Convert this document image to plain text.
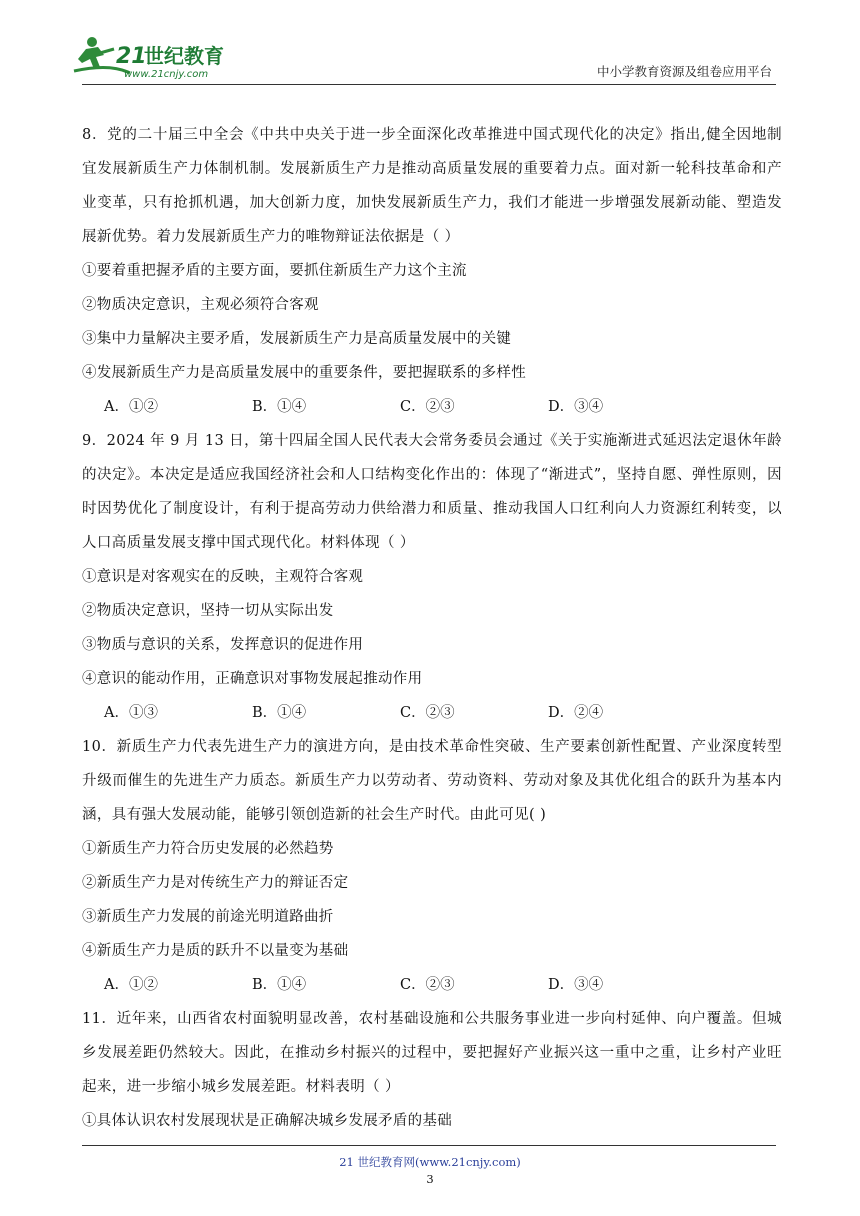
21
世纪教育
www.21cnjy.com	中小学教育资源及组卷应用平台

8．党的二十届三中全会《中共中央关于进一步全面深化改革推进中国式现代化的决定》指出,健全因地制宜发展新质生产力体制机制。发展新质生产力是推动高质量发展的重要着力点。面对新一轮科技革命和产业变革，只有抢抓机遇，加大创新力度，加快发展新质生产力，我们才能进一步增强发展新动能、塑造发展新优势。着力发展新质生产力的唯物辩证法依据是（ ）

①要着重把握矛盾的主要方面，要抓住新质生产力这个主流

②物质决定意识，主观必须符合客观

③集中力量解决主要矛盾，发展新质生产力是高质量发展中的关键

④发展新质生产力是高质量发展中的重要条件，要把握联系的多样性

A．①②	B．①④	C．②③	D．③④

9．2024 年 9 月 13 日，第十四届全国人民代表大会常务委员会通过《关于实施渐进式延迟法定退休年龄的决定》。本决定是适应我国经济社会和人口结构变化作出的：体现了“渐进式”，坚持自愿、弹性原则，因时因势优化了制度设计，有利于提高劳动力供给潜力和质量、推动我国人口红利向人力资源红利转变，以人口高质量发展支撑中国式现代化。材料体现（ ）

①意识是对客观实在的反映，主观符合客观

②物质决定意识，坚持一切从实际出发

③物质与意识的关系，发挥意识的促进作用

④意识的能动作用，正确意识对事物发展起推动作用

A．①③	B．①④	C．②③	D．②④

10．新质生产力代表先进生产力的演进方向，是由技术革命性突破、生产要素创新性配置、产业深度转型升级而催生的先进生产力质态。新质生产力以劳动者、劳动资料、劳动对象及其优化组合的跃升为基本内涵，具有强大发展动能，能够引领创造新的社会生产时代。由此可见( )

①新质生产力符合历史发展的必然趋势

②新质生产力是对传统生产力的辩证否定

③新质生产力发展的前途光明道路曲折

④新质生产力是质的跃升不以量变为基础

A．①②	B．①④	C．②③	D．③④

11．近年来，山西省农村面貌明显改善，农村基础设施和公共服务事业进一步向村延伸、向户覆盖。但城乡发展差距仍然较大。因此，在推动乡村振兴的过程中，要把握好产业振兴这一重中之重，让乡村产业旺起来，进一步缩小城乡发展差距。材料表明（ ）

①具体认识农村发展现状是正确解决城乡发展矛盾的基础

21 世纪教育网(www.21cnjy.com)
3
